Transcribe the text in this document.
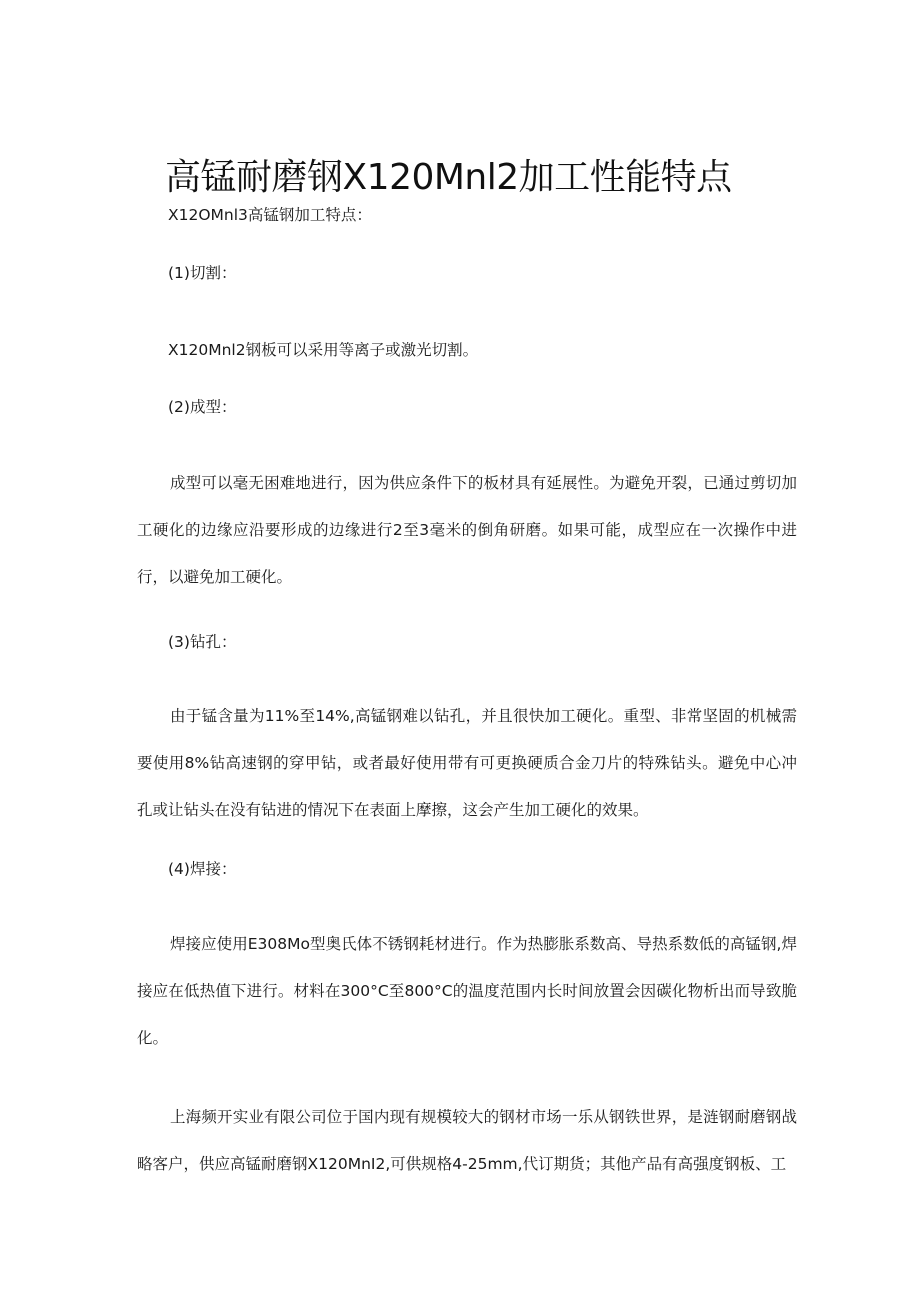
高锰耐磨钢X120Mnl2加工性能特点
X12OMnl3高锰钢加工特点：
(1)切割：
X120Mnl2钢板可以采用等离子或激光切割。
(2)成型：

成型可以毫无困难地进行，因为供应条件下的板材具有延展性。为避免开裂，已通过剪切加工硬化的边缘应沿要形成的边缘进行2至3毫米的倒角研磨。如果可能，成型应在一次操作中进行，以避免加工硬化。

(3)钻孔：

由于锰含量为11%至14%,高锰钢难以钻孔，并且很快加工硬化。重型、非常坚固的机械需要使用8%钻高速钢的穿甲钻，或者最好使用带有可更换硬质合金刀片的特殊钻头。避免中心冲孔或让钻头在没有钻进的情况下在表面上摩擦，这会产生加工硬化的效果。

(4)焊接：

焊接应使用E308Mo型奥氏体不锈钢耗材进行。作为热膨胀系数高、导热系数低的高锰钢,焊接应在低热值下进行。材料在300°C至800°C的温度范围内长时间放置会因碳化物析出而导致脆化。

上海频开实业有限公司位于国内现有规模较大的钢材市场一乐从钢铁世界，是涟钢耐磨钢战略客户，供应高锰耐磨钢X120MnI2,可供规格4-25mm,代订期货；其他产品有高强度钢板、工
